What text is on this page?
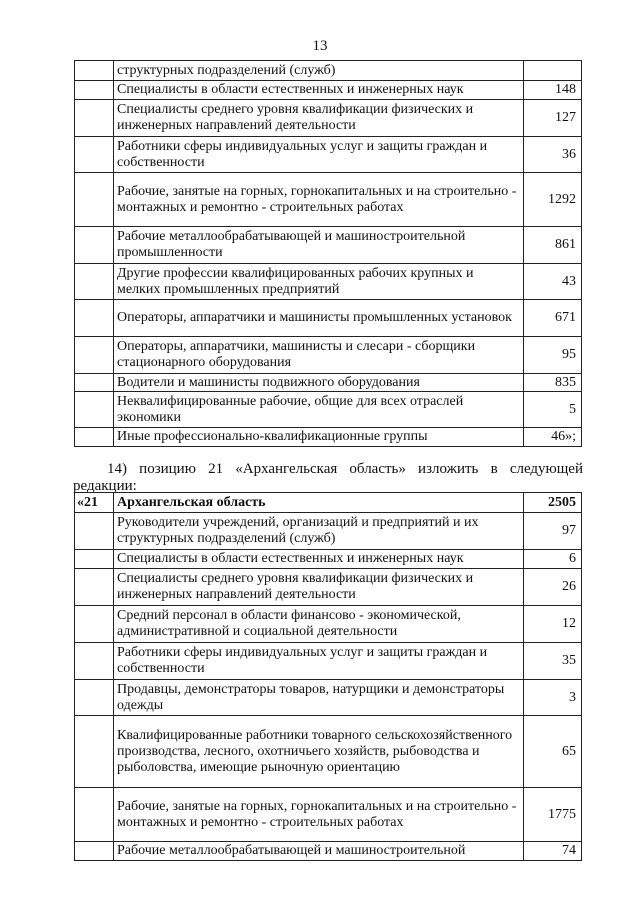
13
	структурных подразделений (служб)	
	Специалисты в области естественных и инженерных наук	148
	Специалисты среднего уровня квалификации физических и инженерных направлений деятельности	127
	Работники сферы индивидуальных услуг и защиты граждан и собственности	36
	Рабочие, занятые на горных, горнокапитальных и на строительно - монтажных и ремонтно - строительных работах	1292
	Рабочие металлообрабатывающей и машиностроительной промышленности	861
	Другие профессии квалифицированных рабочих крупных и мелких промышленных предприятий	43
	Операторы, аппаратчики и машинисты промышленных установок	671
	Операторы, аппаратчики, машинисты и слесари - сборщики стационарного оборудования	95
	Водители и машинисты подвижного оборудования	835
	Неквалифицированные рабочие, общие для всех отраслей экономики	5
	Иные профессионально-квалификационные группы	46»;
14) позицию 21 «Архангельская область» изложить в следующей
редакции:
«21	Архангельская область	2505
	Руководители учреждений, организаций и предприятий и их структурных подразделений (служб)	97
	Специалисты в области естественных и инженерных наук	6
	Специалисты среднего уровня квалификации физических и инженерных направлений деятельности	26
	Средний персонал в области финансово - экономической, административной и социальной деятельности	12
	Работники сферы индивидуальных услуг и защиты граждан и собственности	35
	Продавцы, демонстраторы товаров, натурщики и демонстраторы одежды	3
	Квалифицированные работники товарного сельскохозяйственного производства, лесного, охотничьего хозяйств, рыбоводства и рыболовства, имеющие рыночную ориентацию	65
	Рабочие, занятые на горных, горнокапитальных и на строительно - монтажных и ремонтно - строительных работах	1775
	Рабочие металлообрабатывающей и машиностроительной	74
